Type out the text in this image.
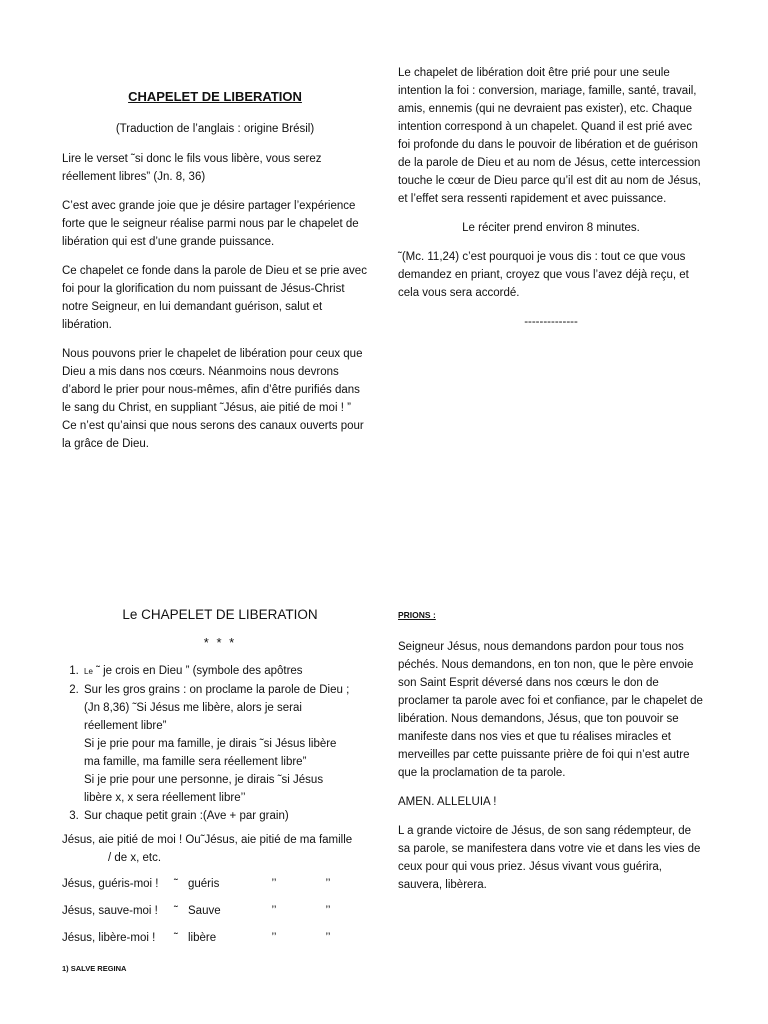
CHAPELET DE LIBERATION

(Traduction de l’anglais : origine Brésil)

Lire le verset ˜si donc le fils vous libère, vous serez réellement libres” (Jn. 8, 36)

C’est avec grande joie que je désire partager l’expérience forte que le seigneur réalise parmi nous par le chapelet de libération qui est d’une grande puissance.

Ce chapelet ce fonde dans la parole de Dieu et se prie avec foi pour la glorification du nom puissant de Jésus-Christ notre Seigneur, en lui demandant guérison, salut et libération.

Nous pouvons prier le chapelet de libération pour ceux que Dieu a mis dans nos cœurs. Néanmoins nous devrons d’abord le prier pour nous-mêmes, afin d’être purifiés dans le sang du Christ, en suppliant ˜Jésus, aie pitié de moi ! ” Ce n’est qu’ainsi que nous serons des canaux ouverts pour la grâce de Dieu.

Le chapelet de libération doit être prié pour une seule intention la foi : conversion, mariage, famille, santé, travail, amis, ennemis (qui ne devraient pas exister), etc. Chaque intention correspond à un chapelet. Quand il est prié avec foi profonde du dans le pouvoir de libération et de guérison de la parole de Dieu et au nom de Jésus, cette intercession touche le cœur de Dieu parce qu’il est dit au nom de Jésus, et l’effet sera ressenti rapidement et avec puissance.

Le réciter prend environ 8 minutes.

˜(Mc. 11,24) c’est pourquoi je vous dis : tout ce que vous demandez en priant, croyez que vous l’avez déjà reçu, et cela vous sera accordé.

--------------

Le CHAPELET DE LIBERATION

* * *

1. Le ˜ je crois en Dieu ” (symbole des apôtres
2. Sur les gros grains : on proclame la parole de Dieu ;
(Jn 8,36) ˜Si Jésus me libère, alors je serai
réellement libre”
Si je prie pour ma famille, je dirais ˜si Jésus libère
ma famille, ma famille sera réellement libre”
Si je prie pour une personne, je dirais ˜si Jésus
libère x, x sera réellement libre’’
3. Sur chaque petit grain :(Ave + par grain)

Jésus, aie pitié de moi ! Ou˜Jésus, aie pitié de ma famille

/ de x, etc.

Jésus, guéris-moi !	˜	guéris	’’	’’
Jésus, sauve-moi !	˜	Sauve	’’	’’
Jésus, libère-moi !	˜	libère	’’	’’

1) SALVE REGINA

PRIONS :

Seigneur Jésus, nous demandons pardon pour tous nos péchés. Nous demandons, en ton non, que le père envoie son Saint Esprit déversé dans nos cœurs le don de proclamer ta parole avec foi et confiance, par le chapelet de libération. Nous demandons, Jésus, que ton pouvoir se manifeste dans nos vies et que tu réalises miracles et merveilles par cette puissante prière de foi qui n’est autre que la proclamation de ta parole.

AMEN. ALLELUIA !

L a grande victoire de Jésus, de son sang rédempteur, de sa parole, se manifestera dans votre vie et dans les vies de ceux pour qui vous priez. Jésus vivant vous guérira, sauvera, libèrera.
